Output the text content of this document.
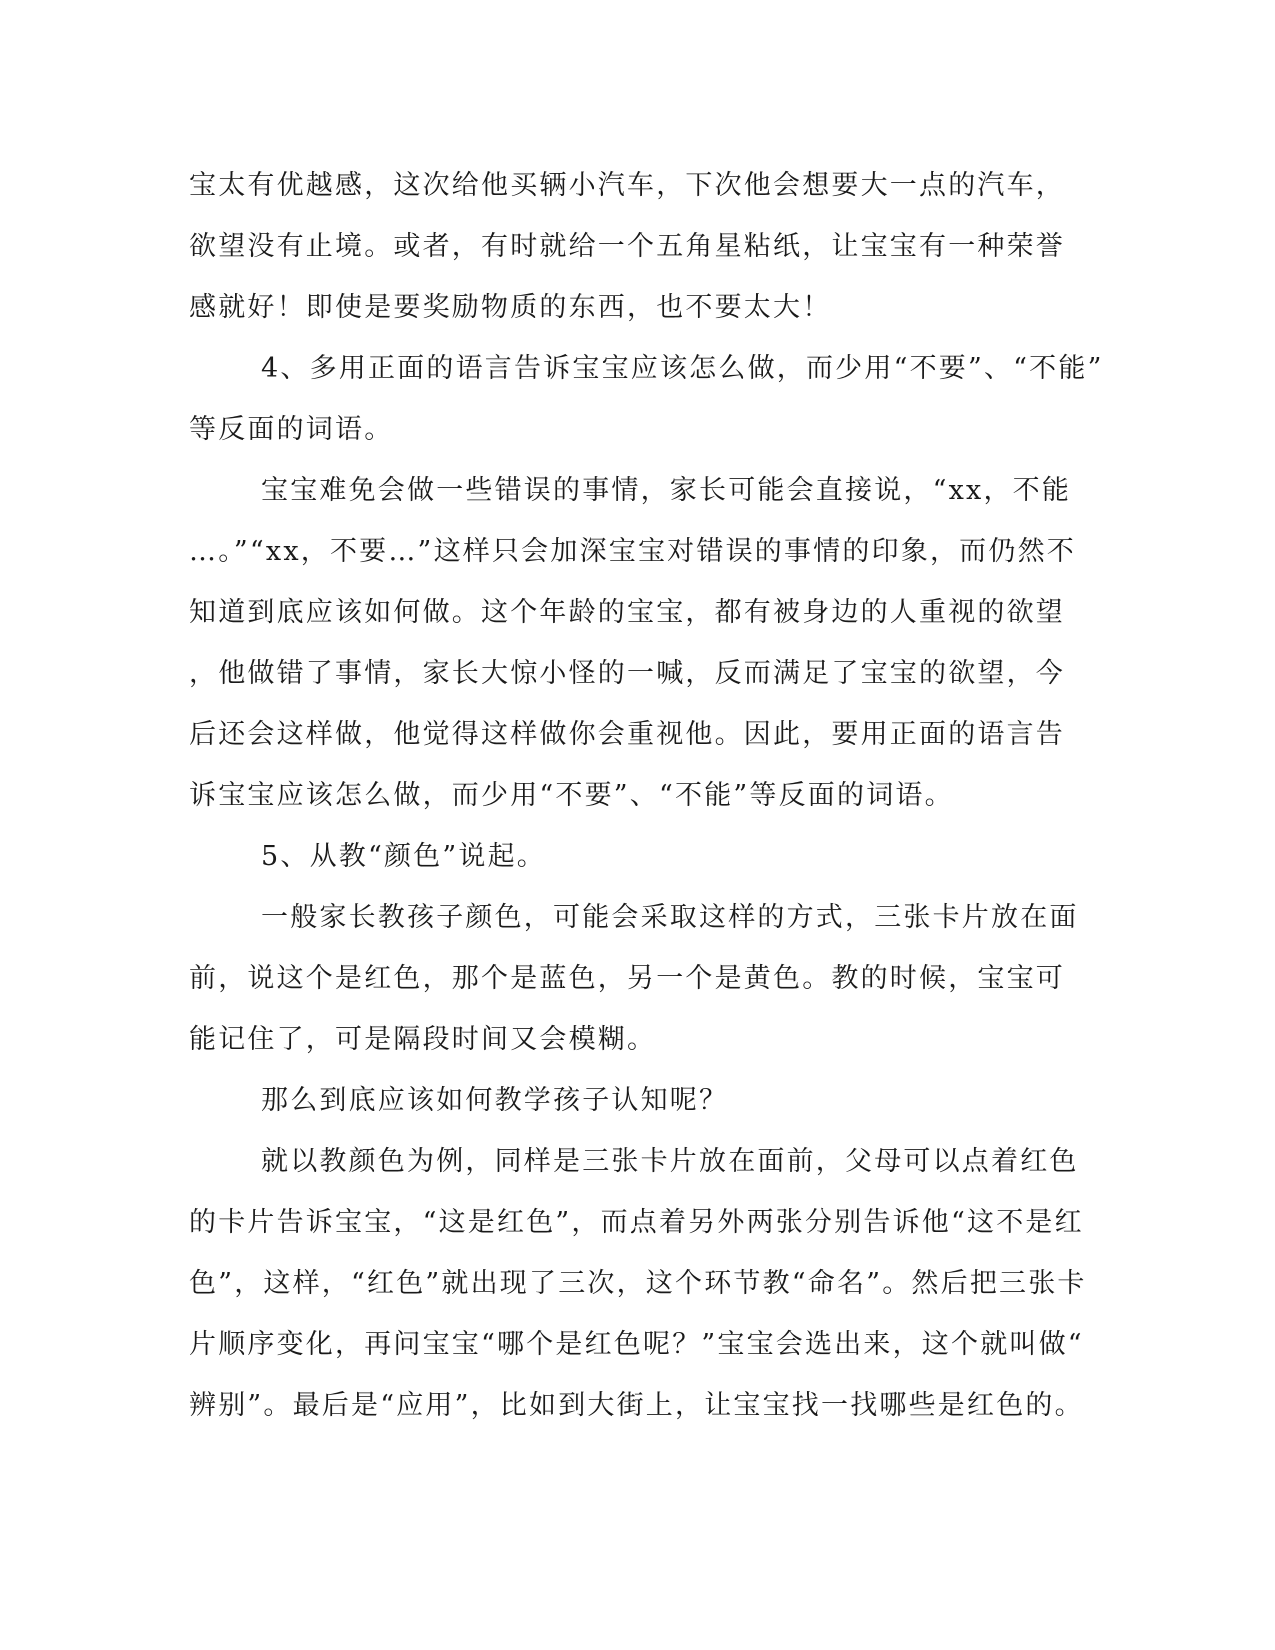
宝太有优越感，这次给他买辆小汽车，下次他会想要大一点的汽车，
欲望没有止境。或者，有时就给一个五角星粘纸，让宝宝有一种荣誉
感就好！即使是要奖励物质的东西，也不要太大！
4、多用正面的语言告诉宝宝应该怎么做，而少用“不要”、“不能”
等反面的词语。
宝宝难免会做一些错误的事情，家长可能会直接说，“xx，不能
…。”“xx，不要…”这样只会加深宝宝对错误的事情的印象，而仍然不
知道到底应该如何做。这个年龄的宝宝，都有被身边的人重视的欲望
，他做错了事情，家长大惊小怪的一喊，反而满足了宝宝的欲望，今
后还会这样做，他觉得这样做你会重视他。因此，要用正面的语言告
诉宝宝应该怎么做，而少用“不要”、“不能”等反面的词语。
5、从教“颜色”说起。
一般家长教孩子颜色，可能会采取这样的方式，三张卡片放在面
前，说这个是红色，那个是蓝色，另一个是黄色。教的时候，宝宝可
能记住了，可是隔段时间又会模糊。
那么到底应该如何教学孩子认知呢？
就以教颜色为例，同样是三张卡片放在面前，父母可以点着红色
的卡片告诉宝宝，“这是红色”，而点着另外两张分别告诉他“这不是红
色”，这样，“红色”就出现了三次，这个环节教“命名”。然后把三张卡
片顺序变化，再问宝宝“哪个是红色呢？”宝宝会选出来，这个就叫做“
辨别”。最后是“应用”，比如到大街上，让宝宝找一找哪些是红色的。
